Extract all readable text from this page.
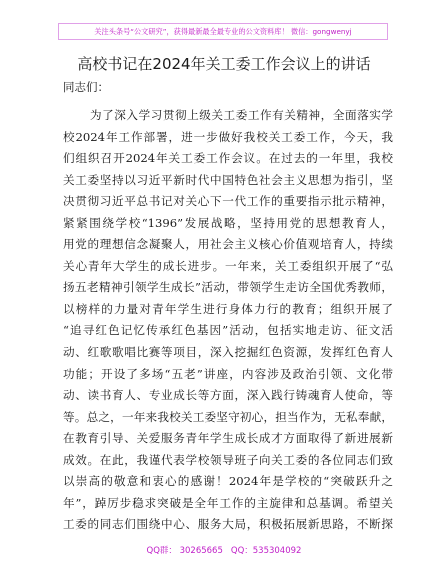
关注头条号“公文研究”，获得最新最全最专业的公文资料库！ 微信：gongwenyj
高校书记在2024年关工委工作会议上的讲话
同志们：
为了深入学习贯彻上级关工委工作有关精神，全面落实学
校2024年工作部署，进一步做好我校关工委工作，今天，我
们组织召开2024年关工委工作会议。在过去的一年里，我校
关工委坚持以习近平新时代中国特色社会主义思想为指引，坚
决贯彻习近平总书记对关心下一代工作的重要指示批示精神，
紧紧围绕学校“1396”发展战略，坚持用党的思想教育人，
用党的理想信念凝聚人，用社会主义核心价值观培育人，持续
关心青年大学生的成长进步。一年来，关工委组织开展了“弘
扬五老精神引领学生成长”活动，带领学生走访全国优秀教师，
以榜样的力量对青年学生进行身体力行的教育；组织开展了
“追寻红色记忆传承红色基因”活动，包括实地走访、征文活
动、红歌歌唱比赛等项目，深入挖掘红色资源，发挥红色育人
功能；开设了多场“五老”讲座，内容涉及政治引领、文化带
动、读书育人、专业成长等方面，深入践行铸魂育人使命，等
等。总之，一年来我校关工委坚守初心，担当作为，无私奉献，
在教育引导、关爱服务青年学生成长成才方面取得了新进展新
成效。在此，我谨代表学校领导班子向关工委的各位同志们致
以崇高的敬意和衷心的感谢！2024年是学校的“突破跃升之
年”，踔厉步稳求突破是全年工作的主旋律和总基调。希望关
工委的同志们围绕中心、服务大局，积极拓展新思路，不断探
QQ群： 30265665 QQ：535304092
